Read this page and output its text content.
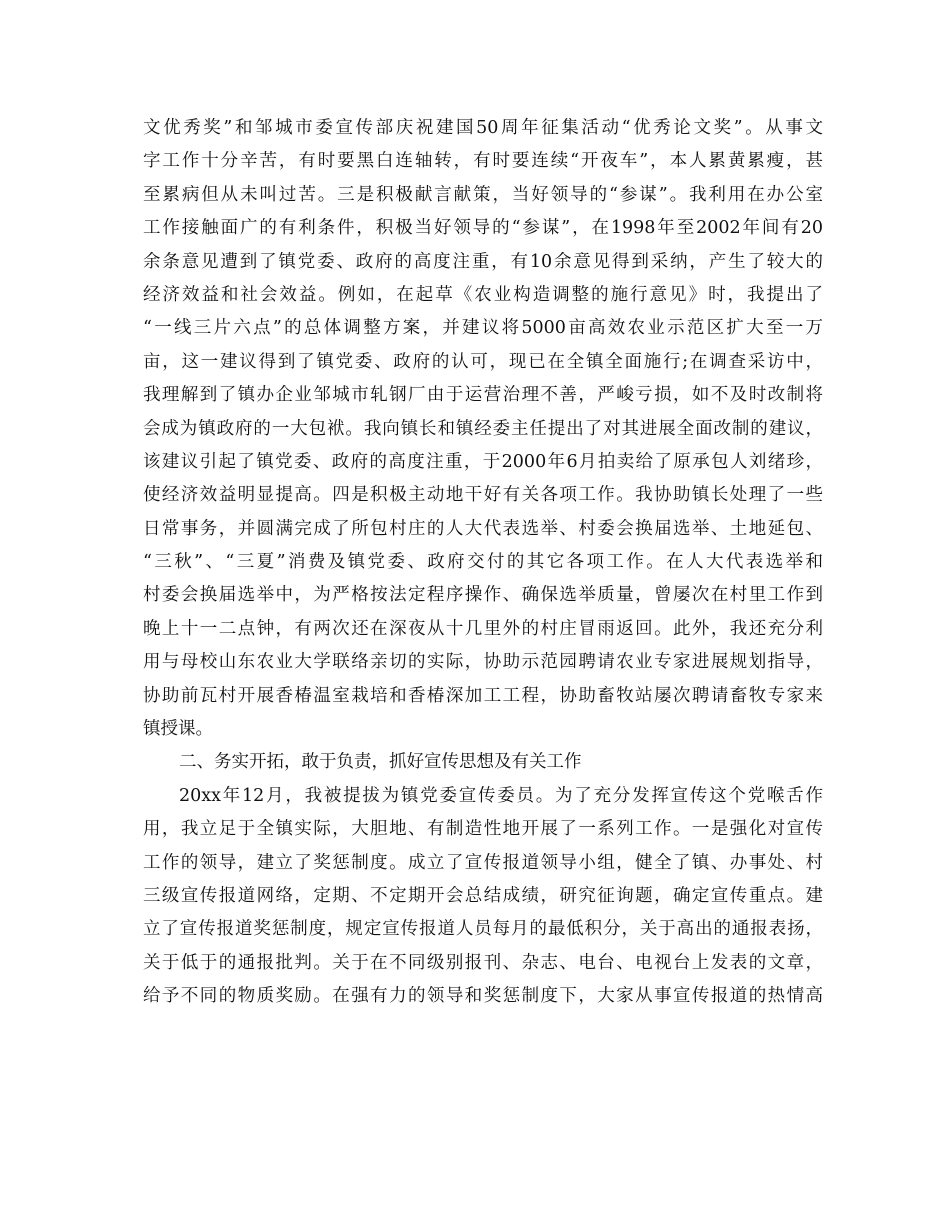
文优秀奖”和邹城市委宣传部庆祝建国50周年征集活动“优秀论文奖”。从事文
字工作十分辛苦，有时要黑白连轴转，有时要连续“开夜车”，本人累黄累瘦，甚
至累病但从未叫过苦。三是积极献言献策，当好领导的“参谋”。我利用在办公室
工作接触面广的有利条件，积极当好领导的“参谋”，在1998年至2002年间有20
余条意见遭到了镇党委、政府的高度注重，有10余意见得到采纳，产生了较大的
经济效益和社会效益。例如，在起草《农业构造调整的施行意见》时，我提出了
“一线三片六点”的总体调整方案，并建议将5000亩高效农业示范区扩大至一万
亩，这一建议得到了镇党委、政府的认可，现已在全镇全面施行;在调查采访中，
我理解到了镇办企业邹城市轧钢厂由于运营治理不善，严峻亏损，如不及时改制将
会成为镇政府的一大包袱。我向镇长和镇经委主任提出了对其进展全面改制的建议，
该建议引起了镇党委、政府的高度注重，于2000年6月拍卖给了原承包人刘绪珍，
使经济效益明显提高。四是积极主动地干好有关各项工作。我协助镇长处理了一些
日常事务，并圆满完成了所包村庄的人大代表选举、村委会换届选举、土地延包、
“三秋”、“三夏”消费及镇党委、政府交付的其它各项工作。在人大代表选举和
村委会换届选举中，为严格按法定程序操作、确保选举质量，曾屡次在村里工作到
晚上十一二点钟，有两次还在深夜从十几里外的村庄冒雨返回。此外，我还充分利
用与母校山东农业大学联络亲切的实际，协助示范园聘请农业专家进展规划指导，
协助前瓦村开展香椿温室栽培和香椿深加工工程，协助畜牧站屡次聘请畜牧专家来
镇授课。
二、务实开拓，敢于负责，抓好宣传思想及有关工作
20xx年12月，我被提拔为镇党委宣传委员。为了充分发挥宣传这个党喉舌作
用，我立足于全镇实际，大胆地、有制造性地开展了一系列工作。一是强化对宣传
工作的领导，建立了奖惩制度。成立了宣传报道领导小组，健全了镇、办事处、村
三级宣传报道网络，定期、不定期开会总结成绩，研究征询题，确定宣传重点。建
立了宣传报道奖惩制度，规定宣传报道人员每月的最低积分，关于高出的通报表扬，
关于低于的通报批判。关于在不同级别报刊、杂志、电台、电视台上发表的文章，
给予不同的物质奖励。在强有力的领导和奖惩制度下，大家从事宣传报道的热情高
